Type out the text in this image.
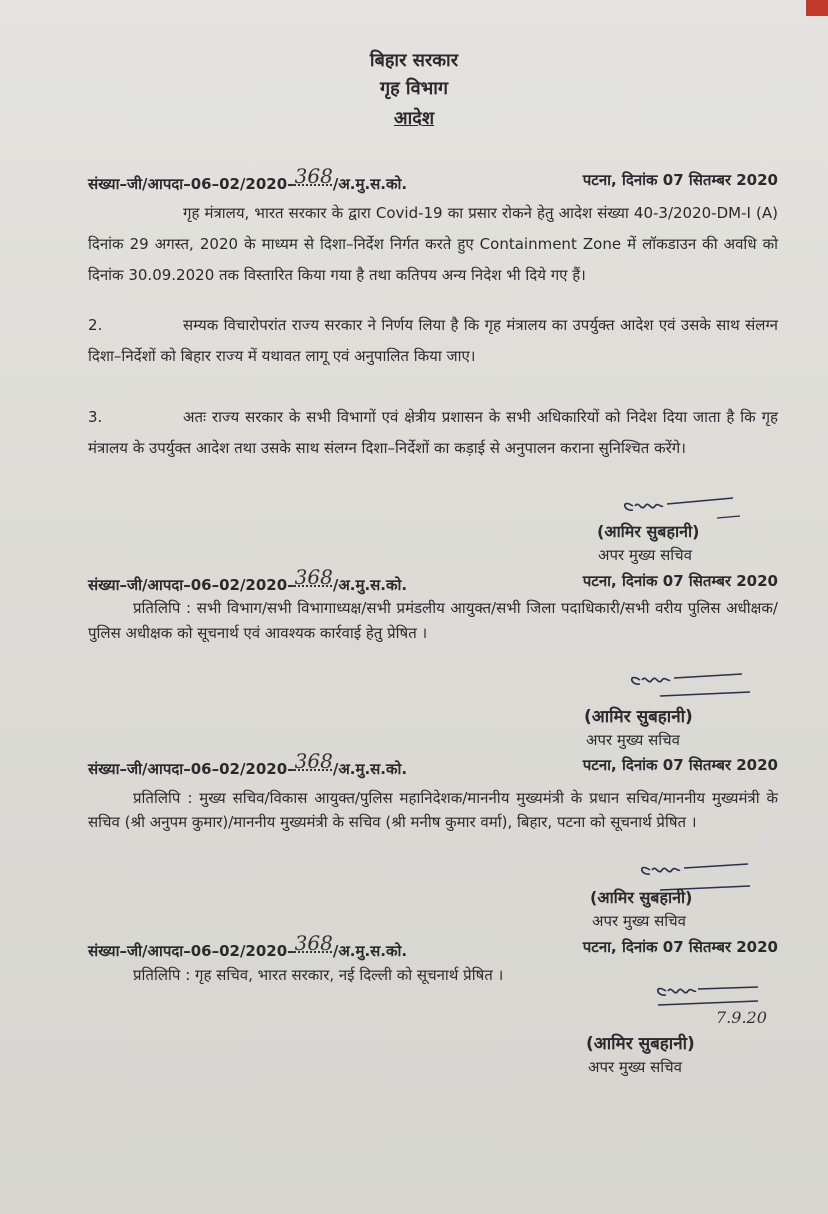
बिहार सरकार
गृह विभाग
आदेश
संख्या–जी/आपदा–06–02/2020–368/अ.मु.स.को.	पटना, दिनांक 07 सितम्बर 2020
गृह मंत्रालय, भारत सरकार के द्वारा Covid-19 का प्रसार रोकने हेतु आदेश संख्या 40-3/2020-DM-I (A) दिनांक 29 अगस्त, 2020 के माध्यम से दिशा–निर्देश निर्गत करते हुए Containment Zone में लॉकडाउन की अवधि को दिनांक 30.09.2020 तक विस्तारित किया गया है तथा कतिपय अन्य निदेश भी दिये गए हैं।
2.	सम्यक विचारोपरांत राज्य सरकार ने निर्णय लिया है कि गृह मंत्रालय का उपर्युक्त आदेश एवं उसके साथ संलग्न दिशा–निर्देशों को बिहार राज्य में यथावत लागू एवं अनुपालित किया जाए।
3.	अतः राज्य सरकार के सभी विभागों एवं क्षेत्रीय प्रशासन के सभी अधिकारियों को निदेश दिया जाता है कि गृह मंत्रालय के उपर्युक्त आदेश तथा उसके साथ संलग्न दिशा–निर्देशों का कड़ाई से अनुपालन कराना सुनिश्चित करेंगे।
(आमिर सुबहानी)
अपर मुख्य सचिव
संख्या–जी/आपदा–06–02/2020–368/अ.मु.स.को.	पटना, दिनांक 07 सितम्बर 2020
प्रतिलिपि : सभी विभाग/सभी विभागाध्यक्ष/सभी प्रमंडलीय आयुक्त/सभी जिला पदाधिकारी/सभी वरीय पुलिस अधीक्षक/पुलिस अधीक्षक को सूचनार्थ एवं आवश्यक कार्रवाई हेतु प्रेषित ।
(आमिर सुबहानी)
अपर मुख्य सचिव
संख्या–जी/आपदा–06–02/2020–368/अ.मु.स.को.	पटना, दिनांक 07 सितम्बर 2020
प्रतिलिपि : मुख्य सचिव/विकास आयुक्त/पुलिस महानिदेशक/माननीय मुख्यमंत्री के प्रधान सचिव/माननीय मुख्यमंत्री के सचिव (श्री अनुपम कुमार)/माननीय मुख्यमंत्री के सचिव (श्री मनीष कुमार वर्मा), बिहार, पटना को सूचनार्थ प्रेषित ।
(आमिर सुबहानी)
अपर मुख्य सचिव
संख्या–जी/आपदा–06–02/2020–368/अ.मु.स.को.	पटना, दिनांक 07 सितम्बर 2020
प्रतिलिपि : गृह सचिव, भारत सरकार, नई दिल्ली को सूचनार्थ प्रेषित ।
7.9.20
(आमिर सुबहानी)
अपर मुख्य सचिव
